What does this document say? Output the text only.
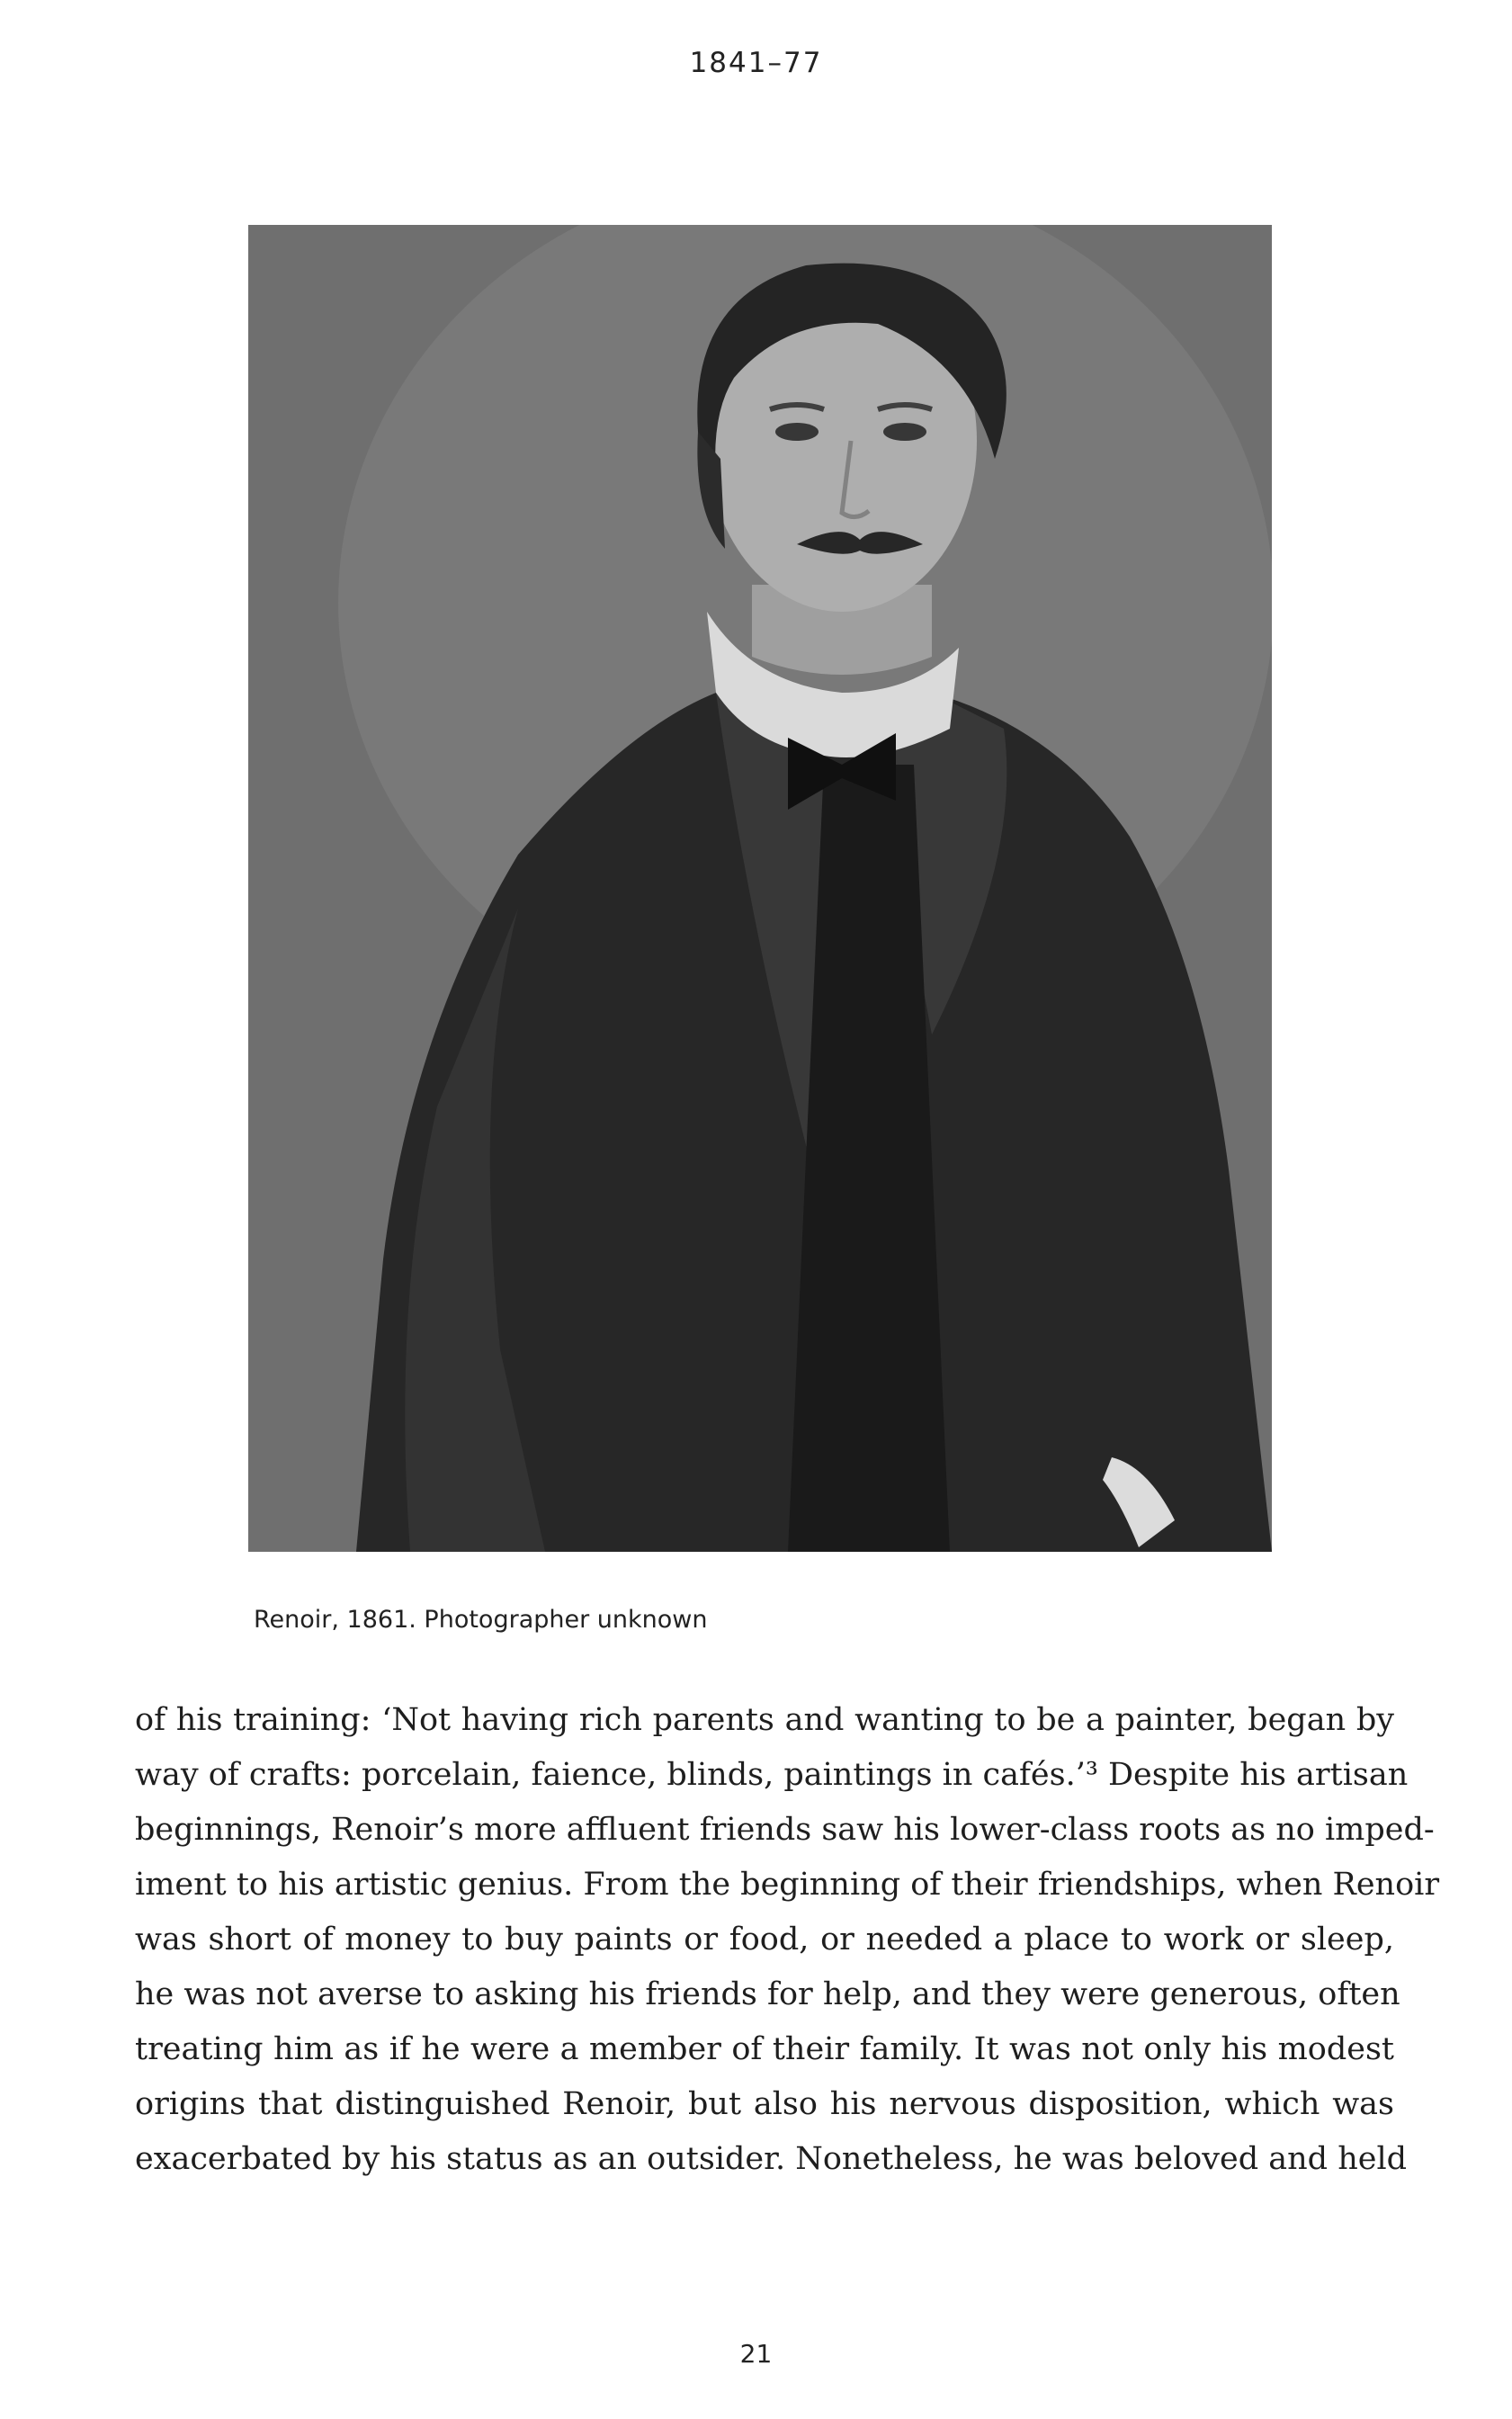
1841–77
Renoir, 1861. Photographer unknown
of his training: ‘Not having rich parents and wanting to be a painter, began by
way of crafts: porcelain, faience, blinds, paintings in cafés.’³ Despite his artisan
beginnings, Renoir’s more affluent friends saw his lower-class roots as no imped-
iment to his artistic genius. From the beginning of their friendships, when Renoir
was short of money to buy paints or food, or needed a place to work or sleep,
he was not averse to asking his friends for help, and they were generous, often
treating him as if he were a member of their family. It was not only his modest
origins that distinguished Renoir, but also his nervous disposition, which was
exacerbated by his status as an outsider. Nonetheless, he was beloved and held
21
